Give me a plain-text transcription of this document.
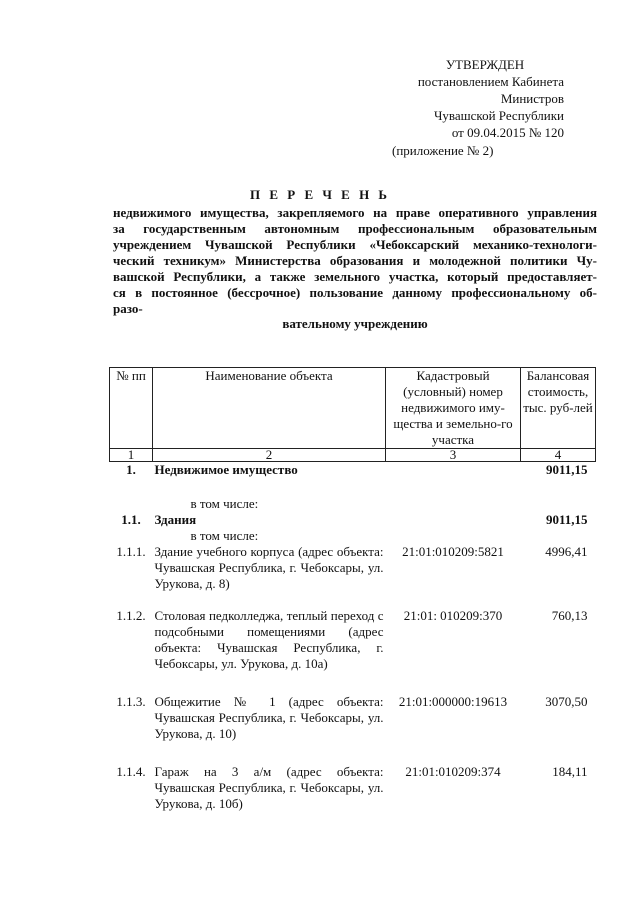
УТВЕРЖДЕН
постановлением Кабинета Министров
Чувашской Республики
от 09.04.2015 № 120
(приложение № 2)
П Е Р Е Ч Е Н Ь
недвижимого имущества, закрепляемого на праве оперативного управления
за государственным автономным профессиональным образовательным
учреждением Чувашской Республики «Чебоксарский механико-технологи-
ческий техникум» Министерства образования и молодежной политики Чу-
вашской Республики, а также земельного участка, который предоставляет-
ся в постоянное (бессрочное) пользование данному профессиональному об-
разо-
вательному учреждению
№ пп	Наименование объекта	Кадастровый (условный) номер недвижимого иму-щества и земельно-го участка	Балансовая стоимость, тыс. руб-лей
1	2	3	4
1.	Недвижимое имущество		9011,15
	в том числе:		
1.1.	Здания		9011,15
	в том числе:		
1.1.1.	Здание учебного корпуса (адрес объекта: Чувашская Республика, г. Чебоксары, ул. Урукова, д. 8)	21:01:010209:5821	4996,41
1.1.2.	Столовая педколледжа, теплый переход с подсобными помещениями (адрес объекта: Чувашская Республика, г. Чебоксары, ул. Урукова, д. 10а)	21:01: 010209:370	760,13
1.1.3.	Общежитие № 1 (адрес объекта: Чувашская Республика, г. Чебоксары, ул. Урукова, д. 10)	21:01:000000:19613	3070,50
1.1.4.	Гараж на 3 а/м (адрес объекта: Чувашская Республика, г. Чебоксары, ул. Урукова, д. 10б)	21:01:010209:374	184,11
